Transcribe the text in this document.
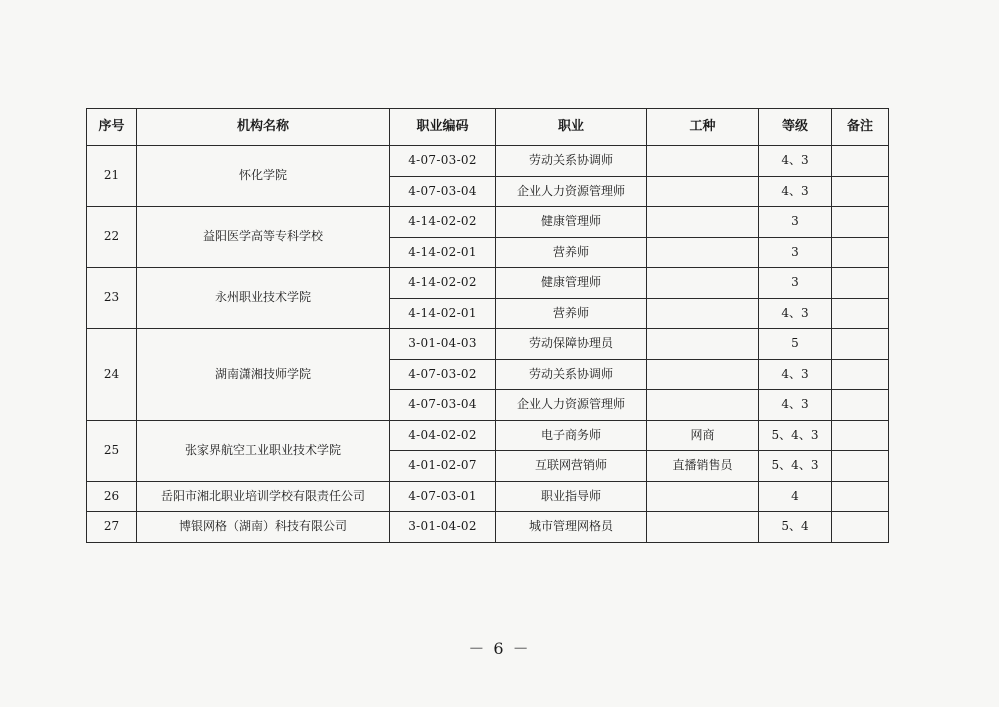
序号	机构名称	职业编码	职业	工种	等级	备注
21	怀化学院	4-07-03-02	劳动关系协调师		4、3	
		4-07-03-04	企业人力资源管理师		4、3	
22	益阳医学高等专科学校	4-14-02-02	健康管理师		3	
		4-14-02-01	营养师		3	
23	永州职业技术学院	4-14-02-02	健康管理师		3	
		4-14-02-01	营养师		4、3	
24	湖南潇湘技师学院	3-01-04-03	劳动保障协理员		5	
		4-07-03-02	劳动关系协调师		4、3	
		4-07-03-04	企业人力资源管理师		4、3	
25	张家界航空工业职业技术学院	4-04-02-02	电子商务师	网商	5、4、3	
		4-01-02-07	互联网营销师	直播销售员	5、4、3	
26	岳阳市湘北职业培训学校有限责任公司	4-07-03-01	职业指导师		4	
27	博银网格（湖南）科技有限公司	3-01-04-02	城市管理网格员		5、4	
－ 6 －
